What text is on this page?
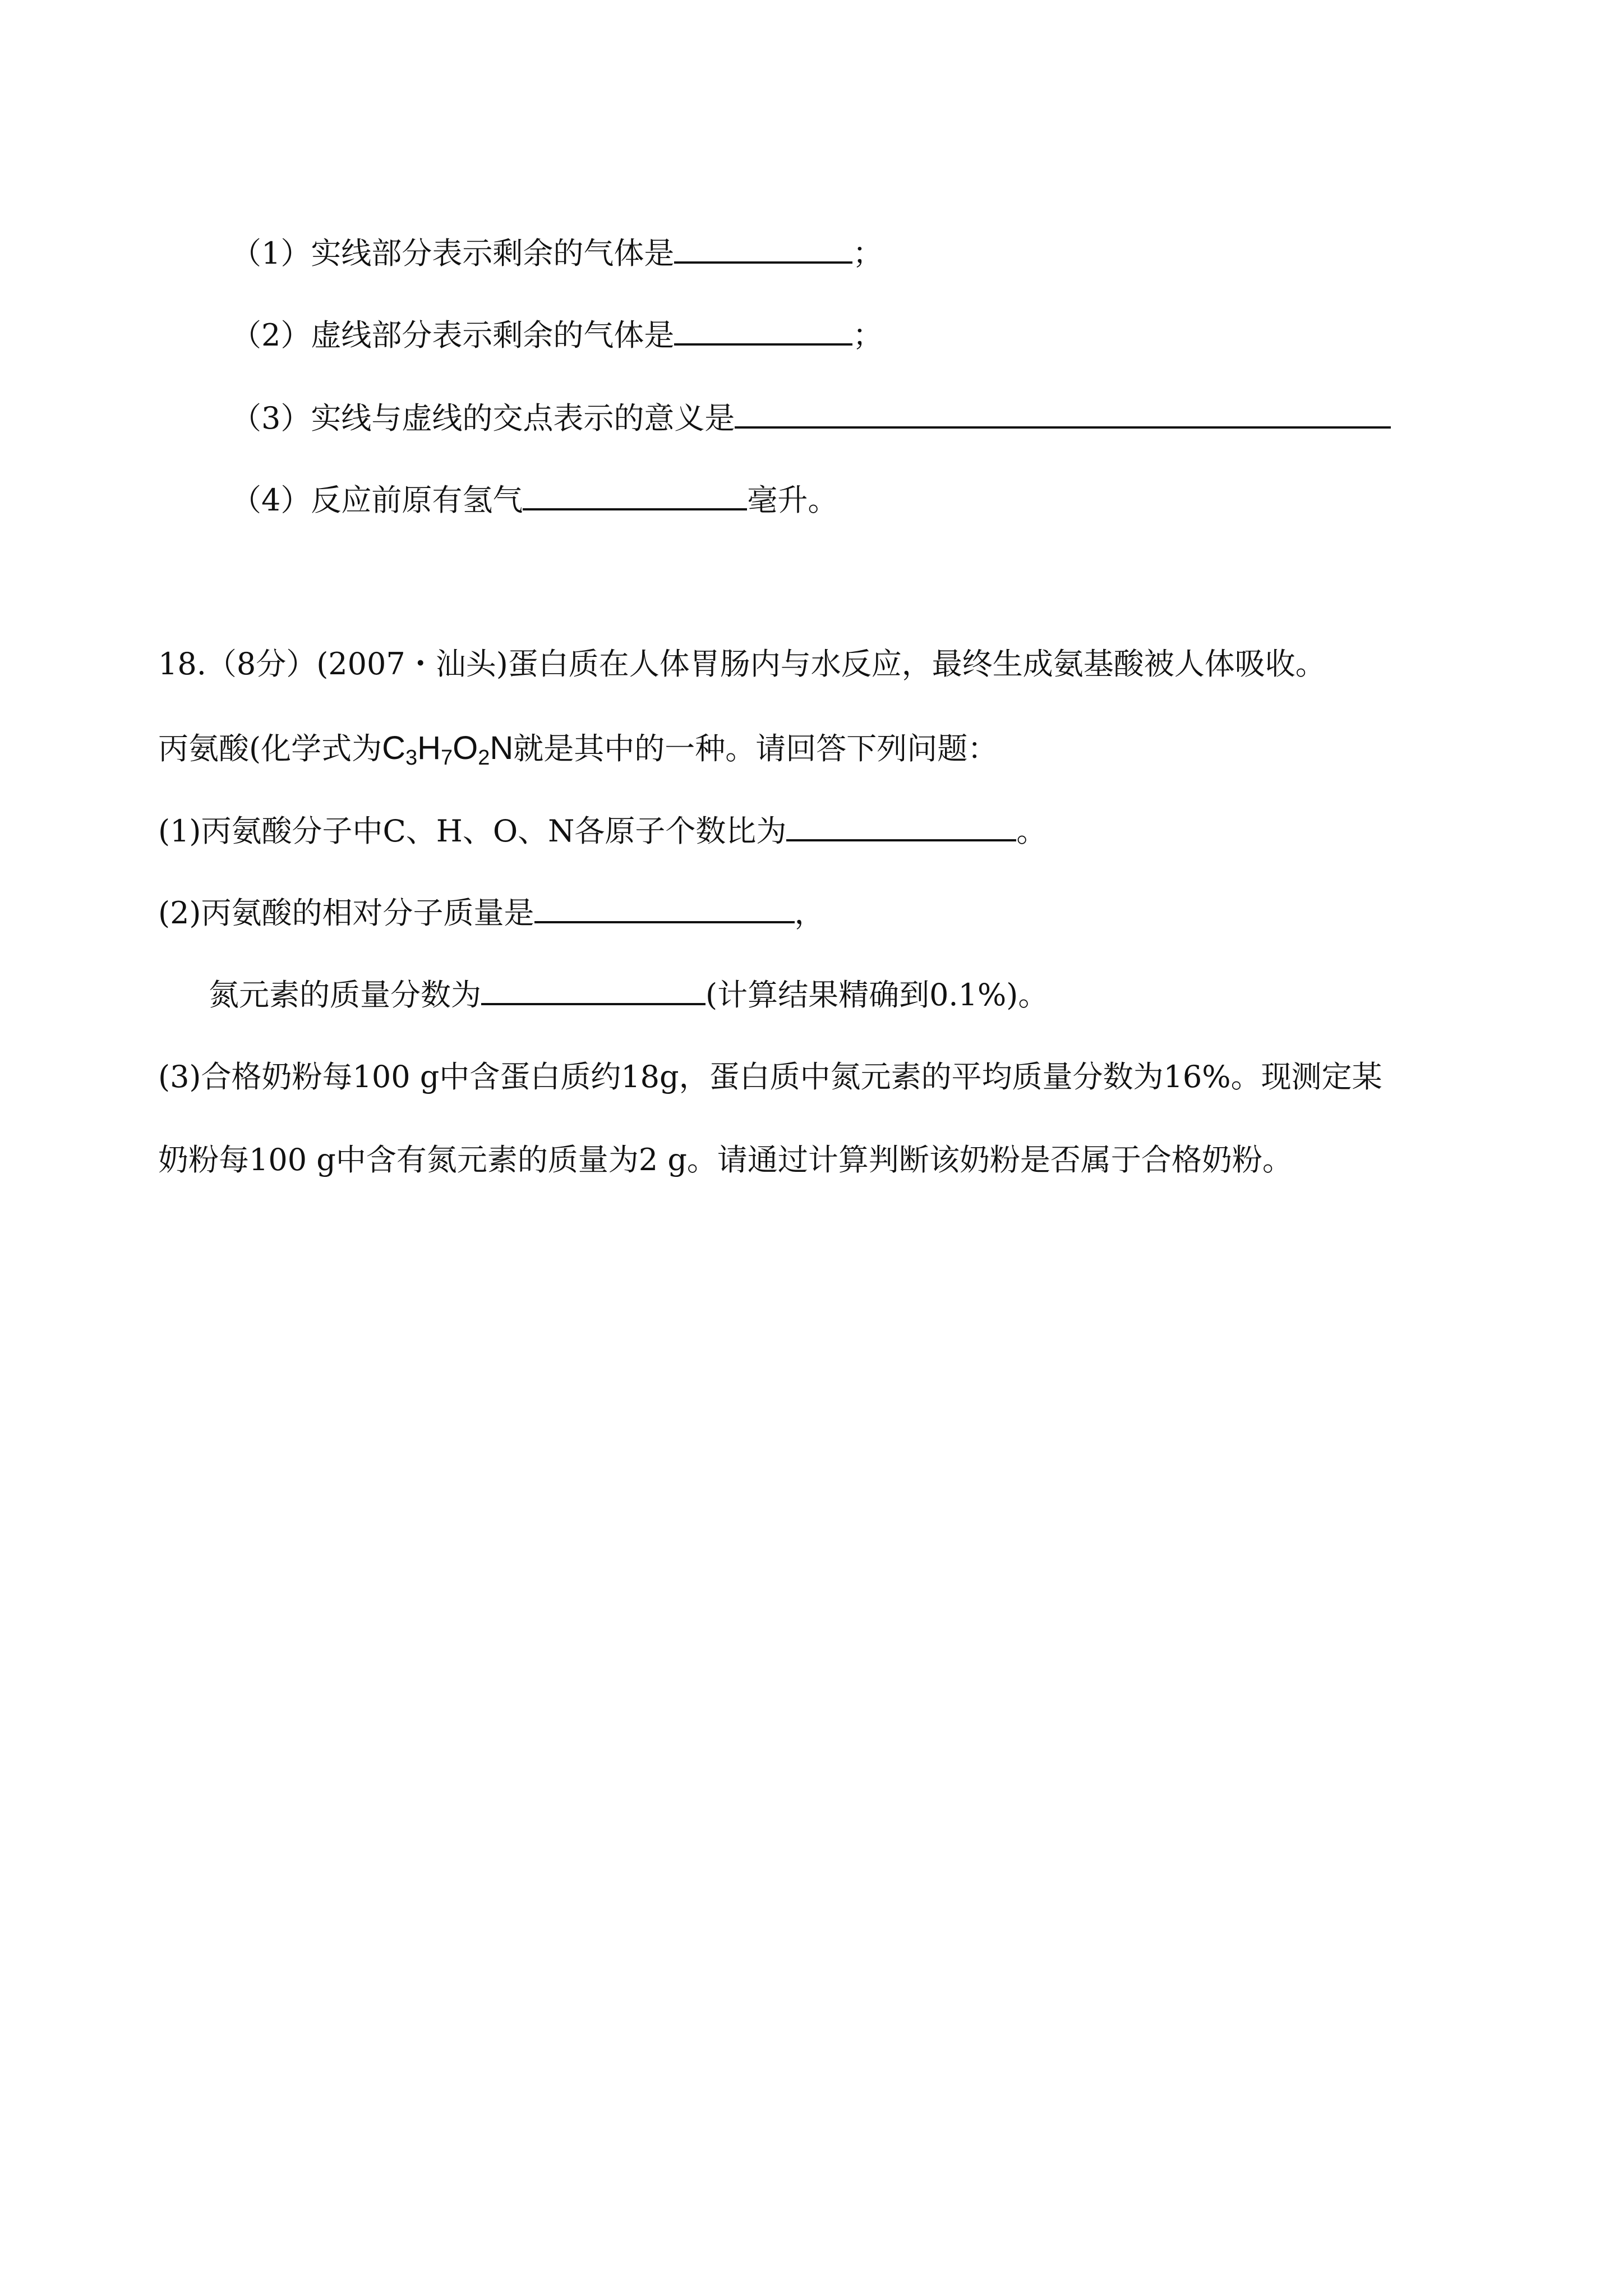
（1）实线部分表示剩余的气体是	；
（2）虚线部分表示剩余的气体是	；
（3）实线与虚线的交点表示的意义是
（4）反应前原有氢气	毫升。
18.（8分）(2007・汕头)蛋白质在人体胃肠内与水反应，最终生成氨基酸被人体吸收。
丙氨酸(化学式为$C_3H_7O_2N$就是其中的一种。请回答下列问题：
(1)丙氨酸分子中C、H、O、N各原子个数比为	。
(2)丙氨酸的相对分子质量是	，
氮元素的质量分数为	(计算结果精确到0.1%)。
(3)合格奶粉每100 g中含蛋白质约18g，蛋白质中氮元素的平均质量分数为16%。现测定某
奶粉每100 g中含有氮元素的质量为2 g。请通过计算判断该奶粉是否属于合格奶粉。
